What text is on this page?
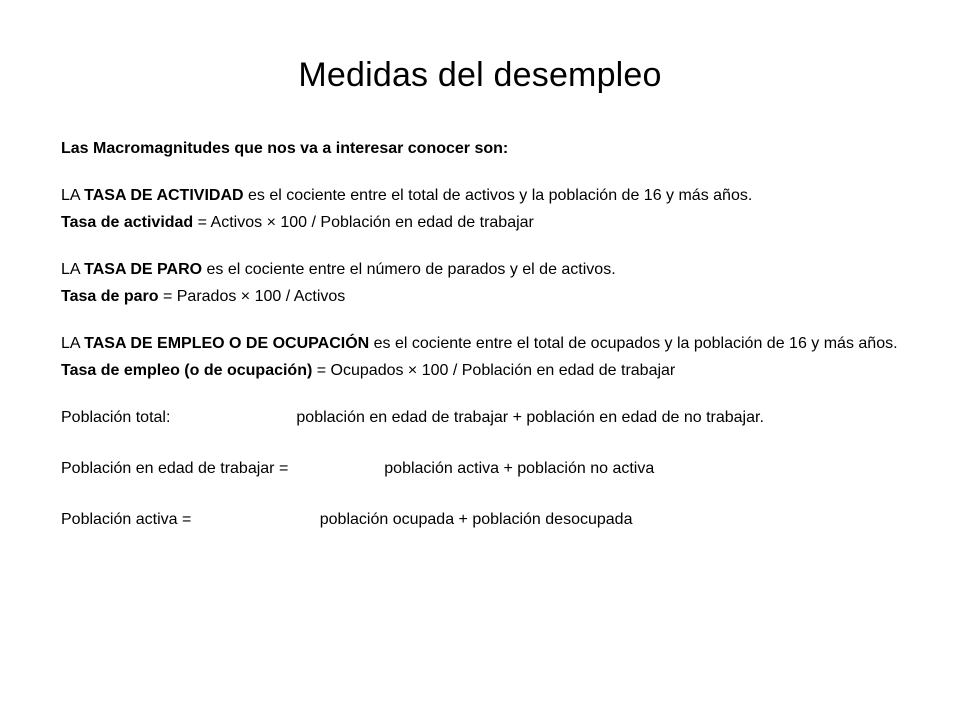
Medidas del desempleo

Las Macromagnitudes que nos va a interesar conocer son:

LA TASA DE ACTIVIDAD es el cociente entre el total de activos y la población de 16 y más años.

Tasa de actividad = Activos × 100 / Población en edad de trabajar

LA TASA DE PARO es el cociente entre el número de parados y el de activos.

Tasa de paro = Parados × 100 / Activos

LA TASA DE EMPLEO O DE OCUPACIÓN es el cociente entre el total de ocupados y la población de 16 y más años.

Tasa de empleo (o de ocupación) = Ocupados × 100 / Población en edad de trabajar

Población total:	población en edad de trabajar + población en edad de no trabajar.

Población en edad de trabajar =	población activa + población no activa

Población activa =	población ocupada + población desocupada
